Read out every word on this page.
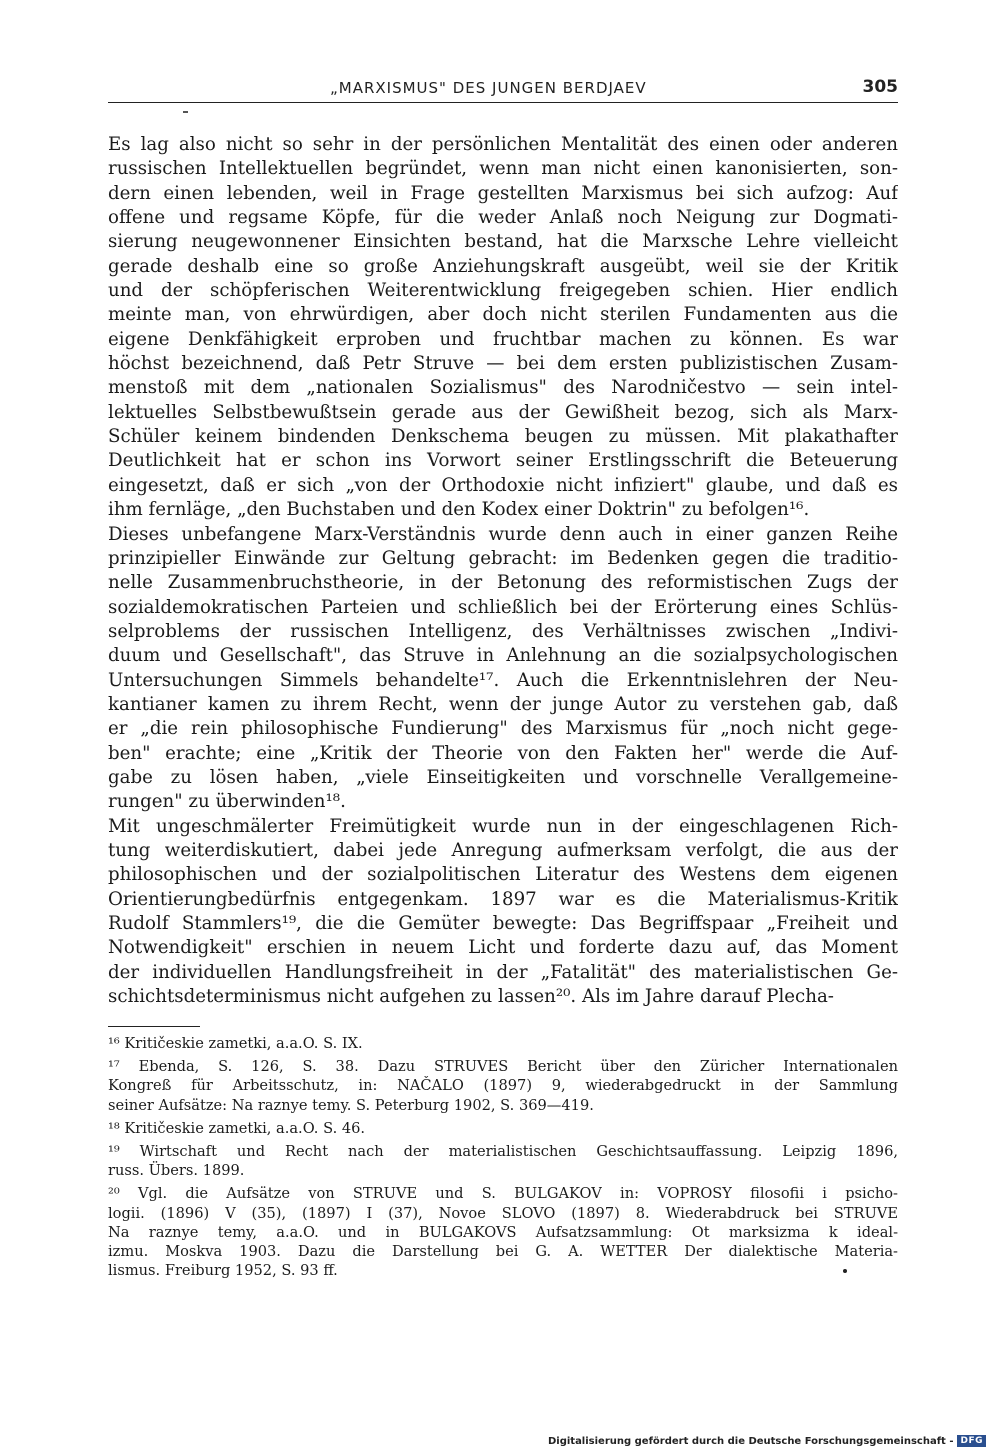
„MARXISMUS" DES JUNGEN BERDJAEV	305
Es lag also nicht so sehr in der persönlichen Mentalität des einen oder anderen
russischen Intellektuellen begründet, wenn man nicht einen kanonisierten, son-
dern einen lebenden, weil in Frage gestellten Marxismus bei sich aufzog: Auf
offene und regsame Köpfe, für die weder Anlaß noch Neigung zur Dogmati-
sierung neugewonnener Einsichten bestand, hat die Marxsche Lehre vielleicht
gerade deshalb eine so große Anziehungskraft ausgeübt, weil sie der Kritik
und der schöpferischen Weiterentwicklung freigegeben schien. Hier endlich
meinte man, von ehrwürdigen, aber doch nicht sterilen Fundamenten aus die
eigene Denkfähigkeit erproben und fruchtbar machen zu können. Es war
höchst bezeichnend, daß Petr Struve — bei dem ersten publizistischen Zusam-
menstoß mit dem „nationalen Sozialismus" des Narodničestvo — sein intel-
lektuelles Selbstbewußtsein gerade aus der Gewißheit bezog, sich als Marx-
Schüler keinem bindenden Denkschema beugen zu müssen. Mit plakathafter
Deutlichkeit hat er schon ins Vorwort seiner Erstlingsschrift die Beteuerung
eingesetzt, daß er sich „von der Orthodoxie nicht infiziert" glaube, und daß es
ihm fernläge, „den Buchstaben und den Kodex einer Doktrin" zu befolgen¹⁶.
Dieses unbefangene Marx-Verständnis wurde denn auch in einer ganzen Reihe
prinzipieller Einwände zur Geltung gebracht: im Bedenken gegen die traditio-
nelle Zusammenbruchstheorie, in der Betonung des reformistischen Zugs der
sozialdemokratischen Parteien und schließlich bei der Erörterung eines Schlüs-
selproblems der russischen Intelligenz, des Verhältnisses zwischen „Indivi-
duum und Gesellschaft", das Struve in Anlehnung an die sozialpsychologischen
Untersuchungen Simmels behandelte¹⁷. Auch die Erkenntnislehren der Neu-
kantianer kamen zu ihrem Recht, wenn der junge Autor zu verstehen gab, daß
er „die rein philosophische Fundierung" des Marxismus für „noch nicht gege-
ben" erachte; eine „Kritik der Theorie von den Fakten her" werde die Auf-
gabe zu lösen haben, „viele Einseitigkeiten und vorschnelle Verallgemeine-
rungen" zu überwinden¹⁸.
Mit ungeschmälerter Freimütigkeit wurde nun in der eingeschlagenen Rich-
tung weiterdiskutiert, dabei jede Anregung aufmerksam verfolgt, die aus der
philosophischen und der sozialpolitischen Literatur des Westens dem eigenen
Orientierungbedürfnis entgegenkam. 1897 war es die Materialismus-Kritik
Rudolf Stammlers¹⁹, die die Gemüter bewegte: Das Begriffspaar „Freiheit und
Notwendigkeit" erschien in neuem Licht und forderte dazu auf, das Moment
der individuellen Handlungsfreiheit in der „Fatalität" des materialistischen Ge-
schichtsdeterminismus nicht aufgehen zu lassen²⁰. Als im Jahre darauf Plecha-
¹⁶ Kritičeskie zametki, a.a.O. S. IX.
¹⁷ Ebenda, S. 126, S. 38. Dazu STRUVES Bericht über den Züricher Internationalen
Kongreß für Arbeitsschutz, in: NAČALO (1897) 9, wiederabgedruckt in der Sammlung
seiner Aufsätze: Na raznye temy. S. Peterburg 1902, S. 369—419.
¹⁸ Kritičeskie zametki, a.a.O. S. 46.
¹⁹ Wirtschaft und Recht nach der materialistischen Geschichtsauffassung. Leipzig 1896,
russ. Übers. 1899.
²⁰ Vgl. die Aufsätze von STRUVE und S. BULGAKOV in: VOPROSY filosofii i psicho-
logii. (1896) V (35), (1897) I (37), Novoe SLOVO (1897) 8. Wiederabdruck bei STRUVE
Na raznye temy, a.a.O. und in BULGAKOVS Aufsatzsammlung: Ot marksizma k ideal-
izmu. Moskva 1903. Dazu die Darstellung bei G. A. WETTER Der dialektische Materia-
lismus. Freiburg 1952, S. 93 ff.
Digitalisierung gefördert durch die Deutsche Forschungsgemeinschaft - DFG
